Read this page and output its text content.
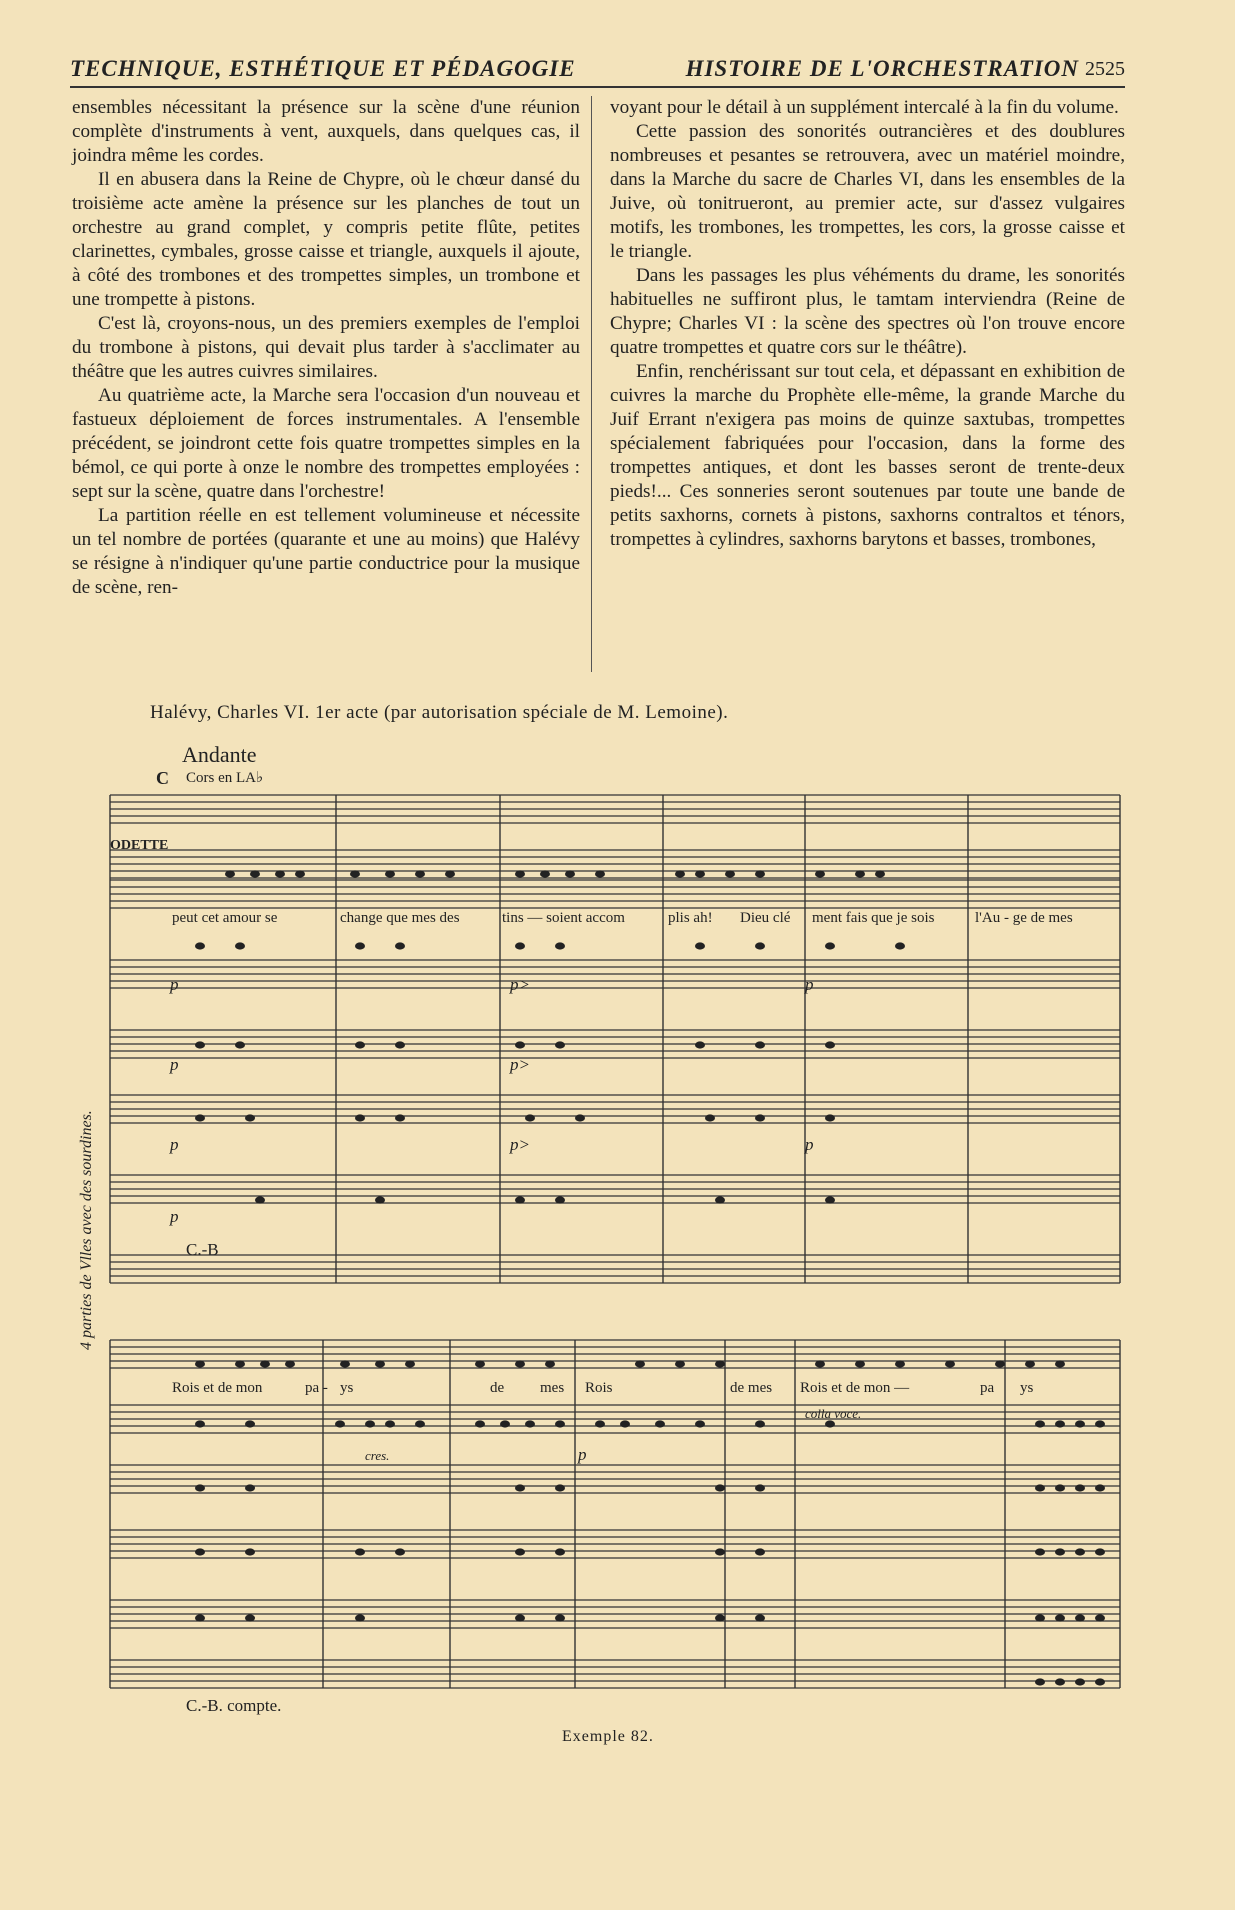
TECHNIQUE, ESTHÉTIQUE ET PÉDAGOGIE	HISTOIRE DE L'ORCHESTRATION 2525

ensembles nécessitant la présence sur la scène d'une réunion complète d'instruments à vent, auxquels, dans quelques cas, il joindra même les cordes.

Il en abusera dans la Reine de Chypre, où le chœur dansé du troisième acte amène la présence sur les planches de tout un orchestre au grand complet, y compris petite flûte, petites clarinettes, cymbales, grosse caisse et triangle, auxquels il ajoute, à côté des trombones et des trompettes simples, un trombone et une trompette à pistons.

C'est là, croyons-nous, un des premiers exemples de l'emploi du trombone à pistons, qui devait plus tarder à s'acclimater au théâtre que les autres cuivres similaires.

Au quatrième acte, la Marche sera l'occasion d'un nouveau et fastueux déploiement de forces instrumentales. A l'ensemble précédent, se joindront cette fois quatre trompettes simples en la bémol, ce qui porte à onze le nombre des trompettes employées : sept sur la scène, quatre dans l'orchestre!

La partition réelle en est tellement volumineuse et nécessite un tel nombre de portées (quarante et une au moins) que Halévy se résigne à n'indiquer qu'une partie conductrice pour la musique de scène, ren-

voyant pour le détail à un supplément intercalé à la fin du volume.

Cette passion des sonorités outrancières et des doublures nombreuses et pesantes se retrouvera, avec un matériel moindre, dans la Marche du sacre de Charles VI, dans les ensembles de la Juive, où tonitrueront, au premier acte, sur d'assez vulgaires motifs, les trombones, les trompettes, les cors, la grosse caisse et le triangle.

Dans les passages les plus véhéments du drame, les sonorités habituelles ne suffiront plus, le tamtam interviendra (Reine de Chypre; Charles VI : la scène des spectres où l'on trouve encore quatre trompettes et quatre cors sur le théâtre).

Enfin, renchérissant sur tout cela, et dépassant en exhibition de cuivres la marche du Prophète elle-même, la grande Marche du Juif Errant n'exigera pas moins de quinze saxtubas, trompettes spécialement fabriquées pour l'occasion, dans la forme des trompettes antiques, et dont les basses seront de trente-deux pieds!... Ces sonneries seront soutenues par toute une bande de petits saxhorns, cornets à pistons, saxhorns contraltos et ténors, trompettes à cylindres, saxhorns barytons et basses, trombones,

Halévy, Charles VI. 1er acte (par autorisation spéciale de M. Lemoine).
Andante
C Cors en LA♭
ODETTE
C.-B
C.-B. compte.
4 parties de Vlles avec des sourdines.
peut cet amour se	change que mes des	tins — soient accom	plis ah! Dieu clé ment fais que je sois	l'Au - ge de mes
Rois et de mon	pa - ys	de mes Rois	de mes Rois et de mon —	pa ys
p
p
p
p
p>
p>
p>
p
p
cres.	p
colla voce.
Exemple 82.
